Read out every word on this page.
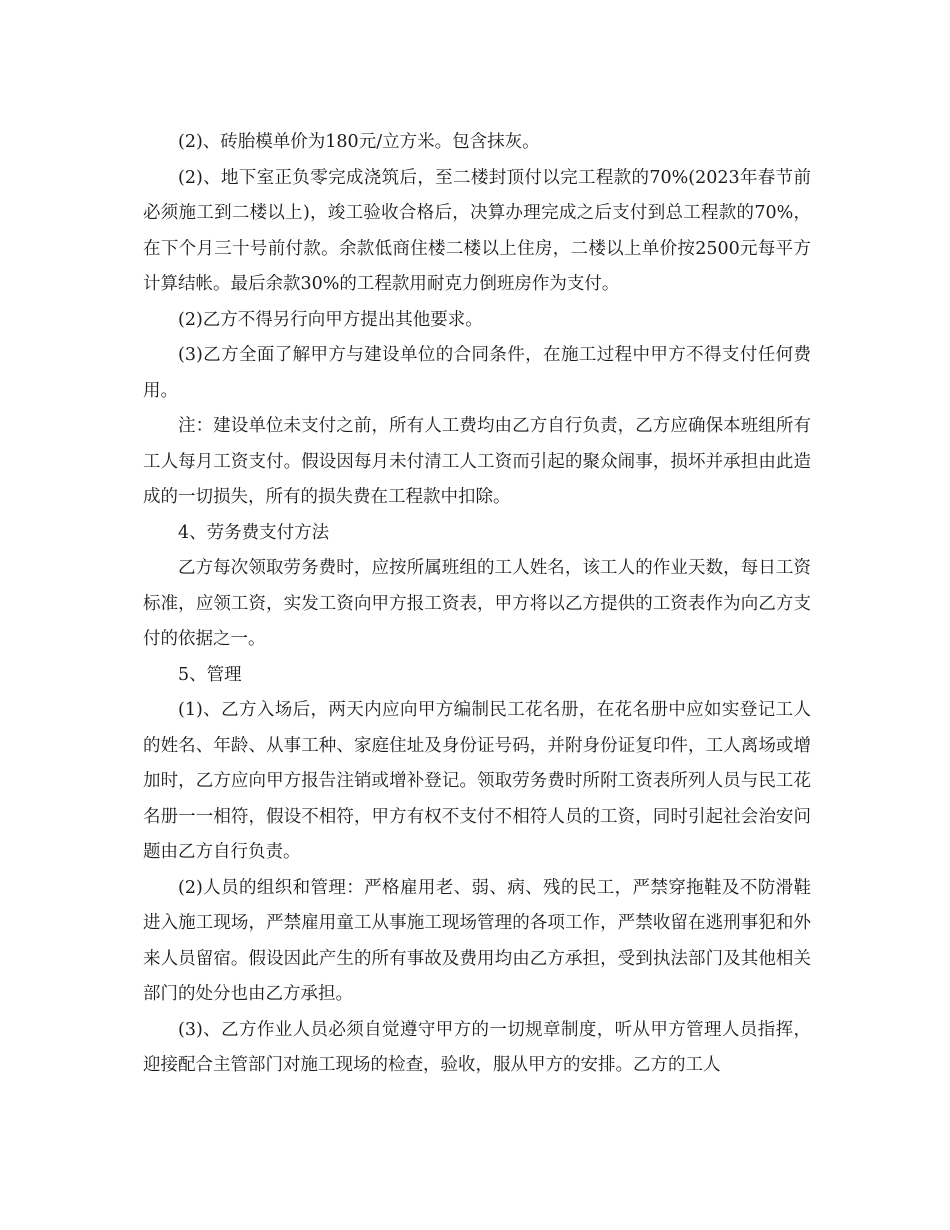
(2)、砖胎模单价为180元/立方米。包含抹灰。

(2)、地下室正负零完成浇筑后，至二楼封顶付以完工程款的70%(2023年春节前必须施工到二楼以上)，竣工验收合格后，决算办理完成之后支付到总工程款的70%，在下个月三十号前付款。余款低商住楼二楼以上住房，二楼以上单价按2500元每平方计算结帐。最后余款30%的工程款用耐克力倒班房作为支付。

(2)乙方不得另行向甲方提出其他要求。

(3)乙方全面了解甲方与建设单位的合同条件，在施工过程中甲方不得支付任何费用。

注：建设单位未支付之前，所有人工费均由乙方自行负责，乙方应确保本班组所有工人每月工资支付。假设因每月未付清工人工资而引起的聚众闹事，损坏并承担由此造成的一切损失，所有的损失费在工程款中扣除。

4、劳务费支付方法

乙方每次领取劳务费时，应按所属班组的工人姓名，该工人的作业天数，每日工资标准，应领工资，实发工资向甲方报工资表，甲方将以乙方提供的工资表作为向乙方支付的依据之一。

5、管理

(1)、乙方入场后，两天内应向甲方编制民工花名册，在花名册中应如实登记工人的姓名、年龄、从事工种、家庭住址及身份证号码，并附身份证复印件，工人离场或增加时，乙方应向甲方报告注销或增补登记。领取劳务费时所附工资表所列人员与民工花名册一一相符，假设不相符，甲方有权不支付不相符人员的工资，同时引起社会治安问题由乙方自行负责。

(2)人员的组织和管理：严格雇用老、弱、病、残的民工，严禁穿拖鞋及不防滑鞋进入施工现场，严禁雇用童工从事施工现场管理的各项工作，严禁收留在逃刑事犯和外来人员留宿。假设因此产生的所有事故及费用均由乙方承担，受到执法部门及其他相关部门的处分也由乙方承担。

(3)、乙方作业人员必须自觉遵守甲方的一切规章制度，听从甲方管理人员指挥，迎接配合主管部门对施工现场的检查，验收，服从甲方的安排。乙方的工人
